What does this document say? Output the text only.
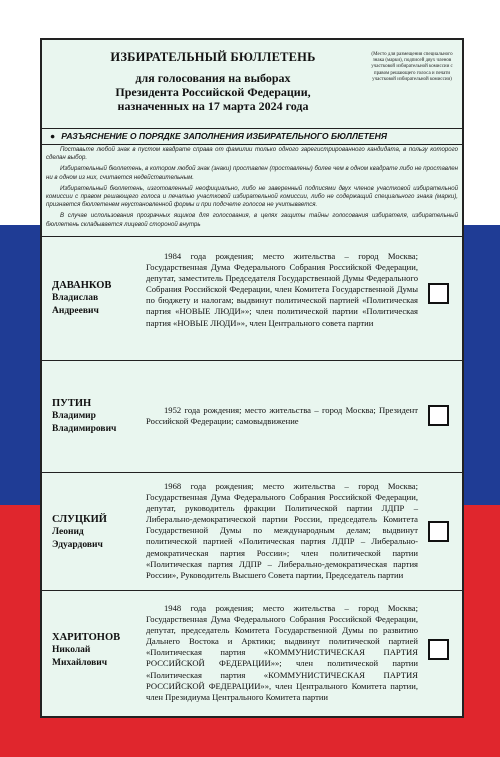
ИЗБИРАТЕЛЬНЫЙ БЮЛЛЕТЕНЬ
для голосования на выборах
Президента Российской Федерации,
назначенных на 17 марта 2024 года
(Место для размещения специального знака (марки), подписей двух членов участковой избирательной комиссии с правом решающего голоса и печати участковой избирательной комиссии)
● РАЗЪЯСНЕНИЕ О ПОРЯДКЕ ЗАПОЛНЕНИЯ ИЗБИРАТЕЛЬНОГО БЮЛЛЕТЕНЯ

Поставьте любой знак в пустом квадрате справа от фамилии только одного зарегистрированного кандидата, в пользу которого сделан выбор.

Избирательный бюллетень, в котором любой знак (знаки) проставлен (проставлены) более чем в одном квадрате либо не проставлен ни в одном из них, считается недействительным.

Избирательный бюллетень, изготовленный неофициально, либо не заверенный подписями двух членов участковой избирательной комиссии с правом решающего голоса и печатью участковой избирательной комиссии, либо не содержащий специального знака (марки), признается бюллетенем неустановленной формы и при подсчете голосов не учитывается.

В случае использования прозрачных ящиков для голосования, в целях защиты тайны голосования избирателя, избирательный бюллетень складывается лицевой стороной внутрь

ДАВАНКОВ
Владислав
Андреевич
1984 года рождения; место жительства – город Москва; Государственная Дума Федерального Собрания Российской Федерации, депутат, заместитель Председателя Государственной Думы Федерального Собрания Российской Федерации, член Комитета Государственной Думы по бюджету и налогам; выдвинут политической партией «Политическая партия «НОВЫЕ ЛЮДИ»»; член политической партии «Политическая партия «НОВЫЕ ЛЮДИ»», член Центрального совета партии
ПУТИН
Владимир
Владимирович
1952 года рождения; место жительства – город Москва; Президент Российской Федерации; самовыдвижение
СЛУЦКИЙ
Леонид
Эдуардович
1968 года рождения; место жительства – город Москва; Государственная Дума Федерального Собрания Российской Федерации, депутат, руководитель фракции Политической партии ЛДПР – Либерально-демократической партии России, председатель Комитета Государственной Думы по международным делам; выдвинут политической партией «Политическая партия ЛДПР – Либерально-демократическая партия России»; член политической партии «Политическая партия ЛДПР – Либерально-демократическая партия России», Руководитель Высшего Совета партии, Председатель партии
ХАРИТОНОВ
Николай
Михайлович
1948 года рождения; место жительства – город Москва; Государственная Дума Федерального Собрания Российской Федерации, депутат, председатель Комитета Государственной Думы по развитию Дальнего Востока и Арктики; выдвинут политической партией «Политическая партия «КОММУНИСТИЧЕСКАЯ ПАРТИЯ РОССИЙСКОЙ ФЕДЕРАЦИИ»»; член политической партии «Политическая партия «КОММУНИСТИЧЕСКАЯ ПАРТИЯ РОССИЙСКОЙ ФЕДЕРАЦИИ»», член Центрального Комитета партии, член Президиума Центрального Комитета партии
